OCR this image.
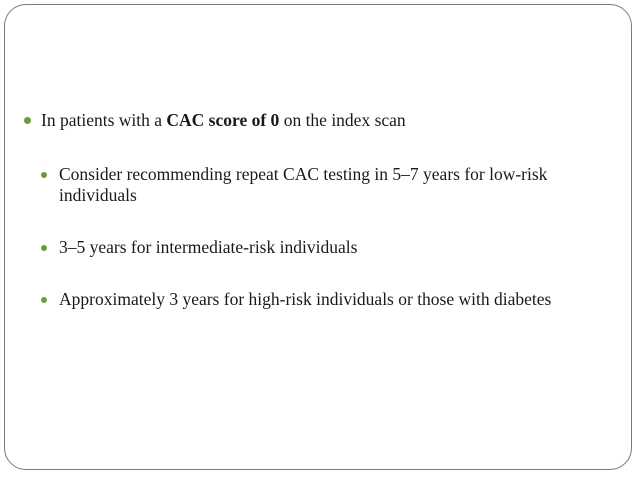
In patients with a CAC score of 0 on the index scan
Consider recommending repeat CAC testing in 5–7 years for low-risk individuals
3–5 years for intermediate-risk individuals
Approximately 3 years for high-risk individuals or those with diabetes
